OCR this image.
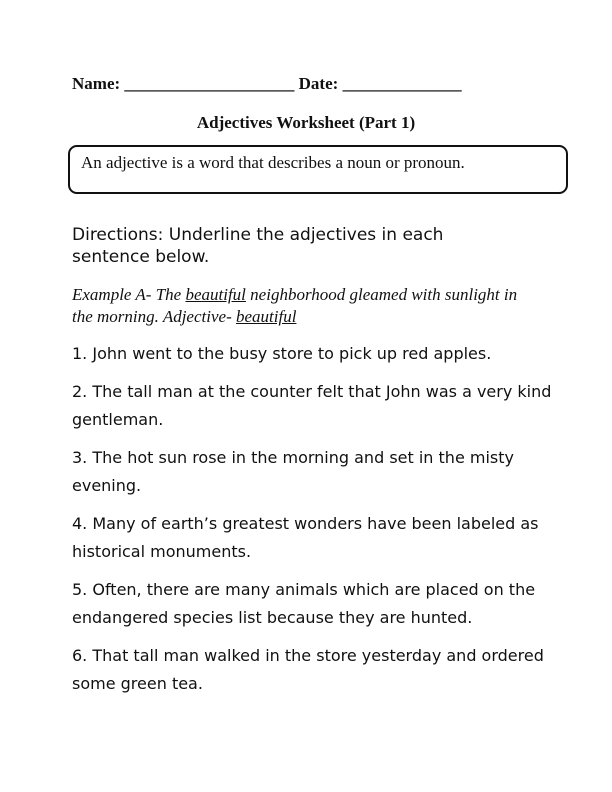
Name: ____________________ Date: ______________
Adjectives Worksheet (Part 1)
An adjective is a word that describes a noun or pronoun.
Directions: Underline the adjectives in each sentence below.
Example A- The beautiful neighborhood gleamed with sunlight in the morning. Adjective- beautiful
1. John went to the busy store to pick up red apples.
2. The tall man at the counter felt that John was a very kind gentleman.
3. The hot sun rose in the morning and set in the misty evening.
4. Many of earth’s greatest wonders have been labeled as historical monuments.
5. Often, there are many animals which are placed on the endangered species list because they are hunted.
6. That tall man walked in the store yesterday and ordered some green tea.
